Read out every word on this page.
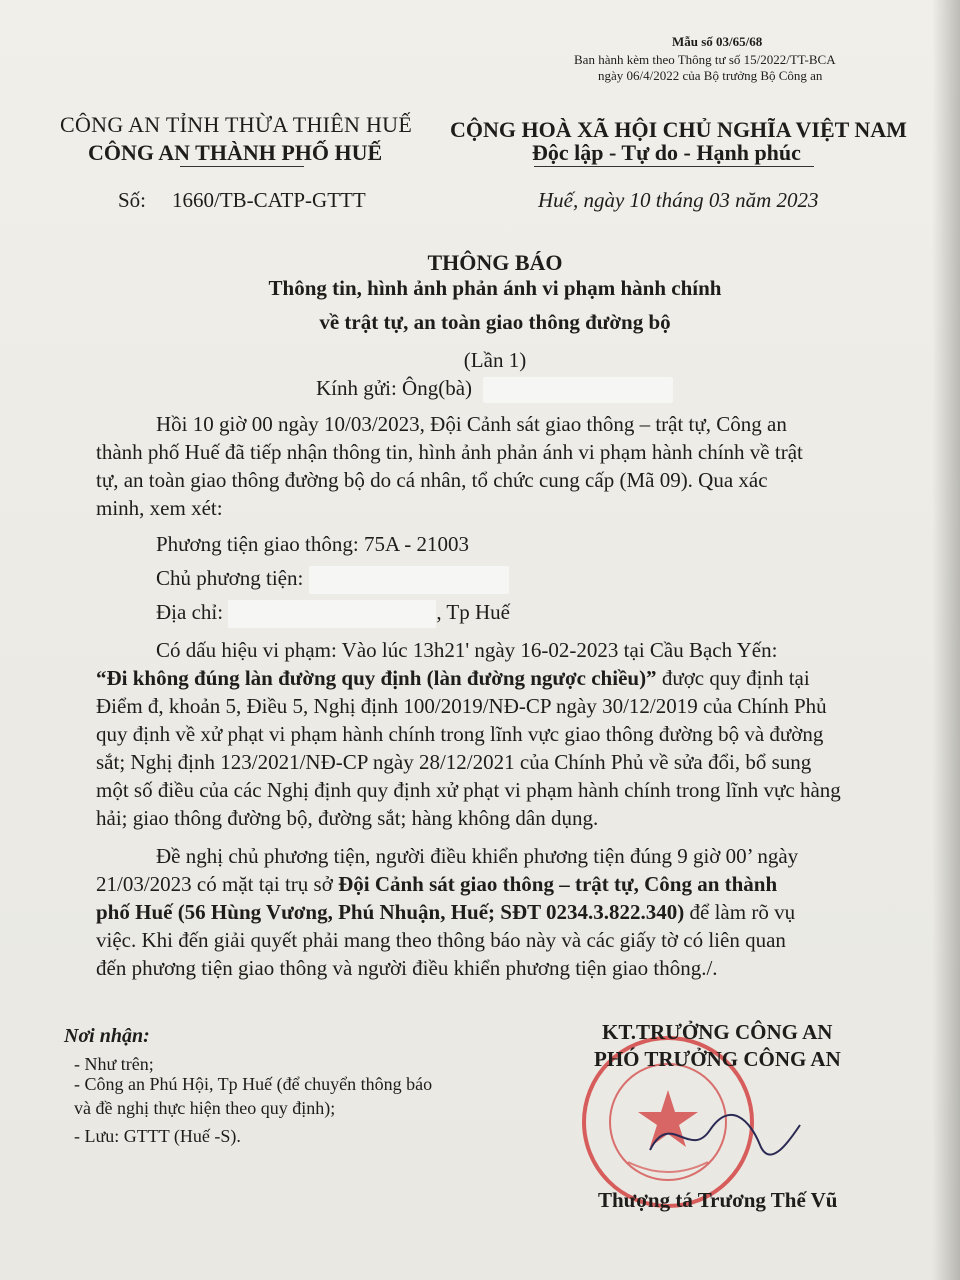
Mẫu số 03/65/68
Ban hành kèm theo Thông tư số 15/2022/TT-BCA
ngày 06/4/2022 của Bộ trưởng Bộ Công an
CÔNG AN TỈNH THỪA THIÊN HUẾ
CÔNG AN THÀNH PHỐ HUẾ
CỘNG HOÀ XÃ HỘI CHỦ NGHĨA VIỆT NAM
Độc lập - Tự do - Hạnh phúc
Số: 1660/TB-CATP-GTTT	Huế, ngày 10 tháng 03 năm 2023
THÔNG BÁO
Thông tin, hình ảnh phản ánh vi phạm hành chính
về trật tự, an toàn giao thông đường bộ
(Lần 1)
Kính gửi: Ông(bà)
Hồi 10 giờ 00 ngày 10/03/2023, Đội Cảnh sát giao thông – trật tự, Công an
thành phố Huế đã tiếp nhận thông tin, hình ảnh phản ánh vi phạm hành chính về trật
tự, an toàn giao thông đường bộ do cá nhân, tổ chức cung cấp (Mã 09). Qua xác
minh, xem xét:
Phương tiện giao thông: 75A - 21003
Chủ phương tiện:
Địa chỉ:	, Tp Huế
Có dấu hiệu vi phạm: Vào lúc 13h21' ngày 16-02-2023 tại Cầu Bạch Yến:
“Đi không đúng làn đường quy định (làn đường ngược chiều)” được quy định tại
Điểm đ, khoản 5, Điều 5, Nghị định 100/2019/NĐ-CP ngày 30/12/2019 của Chính Phủ
quy định về xử phạt vi phạm hành chính trong lĩnh vực giao thông đường bộ và đường
sắt; Nghị định 123/2021/NĐ-CP ngày 28/12/2021 của Chính Phủ về sửa đổi, bổ sung
một số điều của các Nghị định quy định xử phạt vi phạm hành chính trong lĩnh vực hàng
hải; giao thông đường bộ, đường sắt; hàng không dân dụng.
Đề nghị chủ phương tiện, người điều khiển phương tiện đúng 9 giờ 00’ ngày
21/03/2023 có mặt tại trụ sở Đội Cảnh sát giao thông – trật tự, Công an thành
phố Huế (56 Hùng Vương, Phú Nhuận, Huế; SĐT 0234.3.822.340) để làm rõ vụ
việc. Khi đến giải quyết phải mang theo thông báo này và các giấy tờ có liên quan
đến phương tiện giao thông và người điều khiển phương tiện giao thông./.
Nơi nhận:
- Như trên;
- Công an Phú Hội, Tp Huế (để chuyển thông báo
và đề nghị thực hiện theo quy định);
- Lưu: GTTT (Huế -S).
KT.TRƯỞNG CÔNG AN
PHÓ TRƯỞNG CÔNG AN
Thượng tá Trương Thế Vũ
